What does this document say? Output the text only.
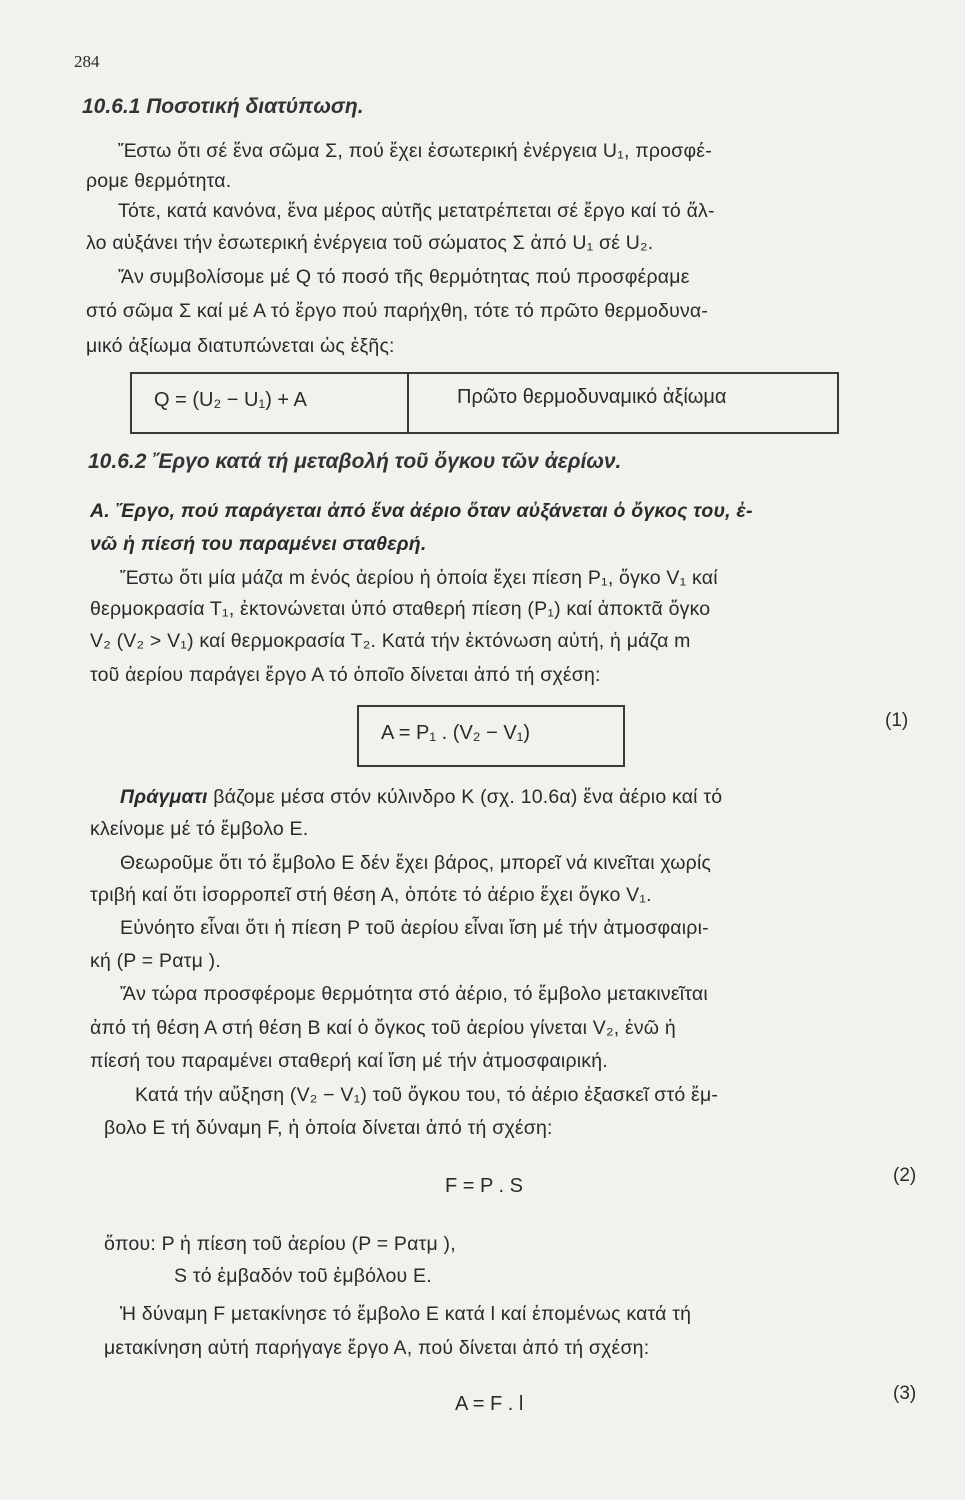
284
10.6.1 Ποσοτική διατύπωση.
Ἔστω ὅτι σέ ἕνα σῶμα Σ, πού ἔχει ἐσωτερική ἐνέργεια U₁, προσφέ-
ρομε θερμότητα.
Τότε, κατά κανόνα, ἕνα μέρος αὐτῆς μετατρέπεται σέ ἔργο καί τό ἄλ-
λο αὐξάνει τήν ἐσωτερική ἐνέργεια τοῦ σώματος Σ ἀπό U₁ σέ U₂.
Ἄν συμβολίσομε μέ Q τό ποσό τῆς θερμότητας πού προσφέραμε
στό σῶμα Σ καί μέ Α τό ἔργο πού παρήχθη, τότε τό πρῶτο θερμοδυνα-
μικό ἀξίωμα διατυπώνεται ὡς ἑξῆς:
Q = (U₂ − U₁) + A	Πρῶτο θερμοδυναμικό ἀξίωμα
10.6.2 Ἔργο κατά τή μεταβολή τοῦ ὄγκου τῶν ἀερίων.
Α. Ἔργο, πού παράγεται ἀπό ἕνα ἀέριο ὅταν αὐξάνεται ὁ ὄγκος του, ἐ-
νῶ ἡ πίεσή του παραμένει σταθερή.
Ἔστω ὅτι μία μάζα m ἑνός ἀερίου ἡ ὁποία ἔχει πίεση P₁, ὄγκο V₁ καί
θερμοκρασία Τ₁, ἐκτονώνεται ὑπό σταθερή πίεση (P₁) καί ἀποκτᾶ ὄγκο
V₂ (V₂ > V₁) καί θερμοκρασία Τ₂. Κατά τήν ἐκτόνωση αὐτή, ἡ μάζα m
τοῦ ἀερίου παράγει ἔργο Α τό ὁποῖο δίνεται ἀπό τή σχέση:
A = P₁ . (V₂ − V₁)
(1)
Πράγματι βάζομε μέσα στόν κύλινδρο Κ (σχ. 10.6α) ἕνα ἀέριο καί τό
κλείνομε μέ τό ἔμβολο Ε.
Θεωροῦμε ὅτι τό ἔμβολο Ε δέν ἔχει βάρος, μπορεῖ νά κινεῖται χωρίς
τριβή καί ὅτι ἰσορροπεῖ στή θέση Α, ὁπότε τό ἀέριο ἔχει ὄγκο V₁.
Εὐνόητο εἶναι ὅτι ἡ πίεση Ρ τοῦ ἀερίου εἶναι ἴση μέ τήν ἀτμοσφαιρι-
κή (P = Pατμ ).
Ἄν τώρα προσφέρομε θερμότητα στό ἀέριο, τό ἔμβολο μετακινεῖται
ἀπό τή θέση Α στή θέση Β καί ὁ ὄγκος τοῦ ἀερίου γίνεται V₂, ἐνῶ ἡ
πίεσή του παραμένει σταθερή καί ἴση μέ τήν ἀτμοσφαιρική.
Κατά τήν αὔξηση (V₂ − V₁) τοῦ ὄγκου του, τό ἀέριο ἐξασκεῖ στό ἔμ-
βολο Ε τή δύναμη F, ἡ ὁποία δίνεται ἀπό τή σχέση:
F = P . S	(2)
ὅπου: Ρ ἡ πίεση τοῦ ἀερίου (P = Pατμ ),
S τό ἐμβαδόν τοῦ ἐμβόλου Ε.
Ἡ δύναμη F μετακίνησε τό ἔμβολο Ε κατά l καί ἐπομένως κατά τή
μετακίνηση αὐτή παρήγαγε ἔργο Α, πού δίνεται ἀπό τή σχέση:
A = F . l	(3)
